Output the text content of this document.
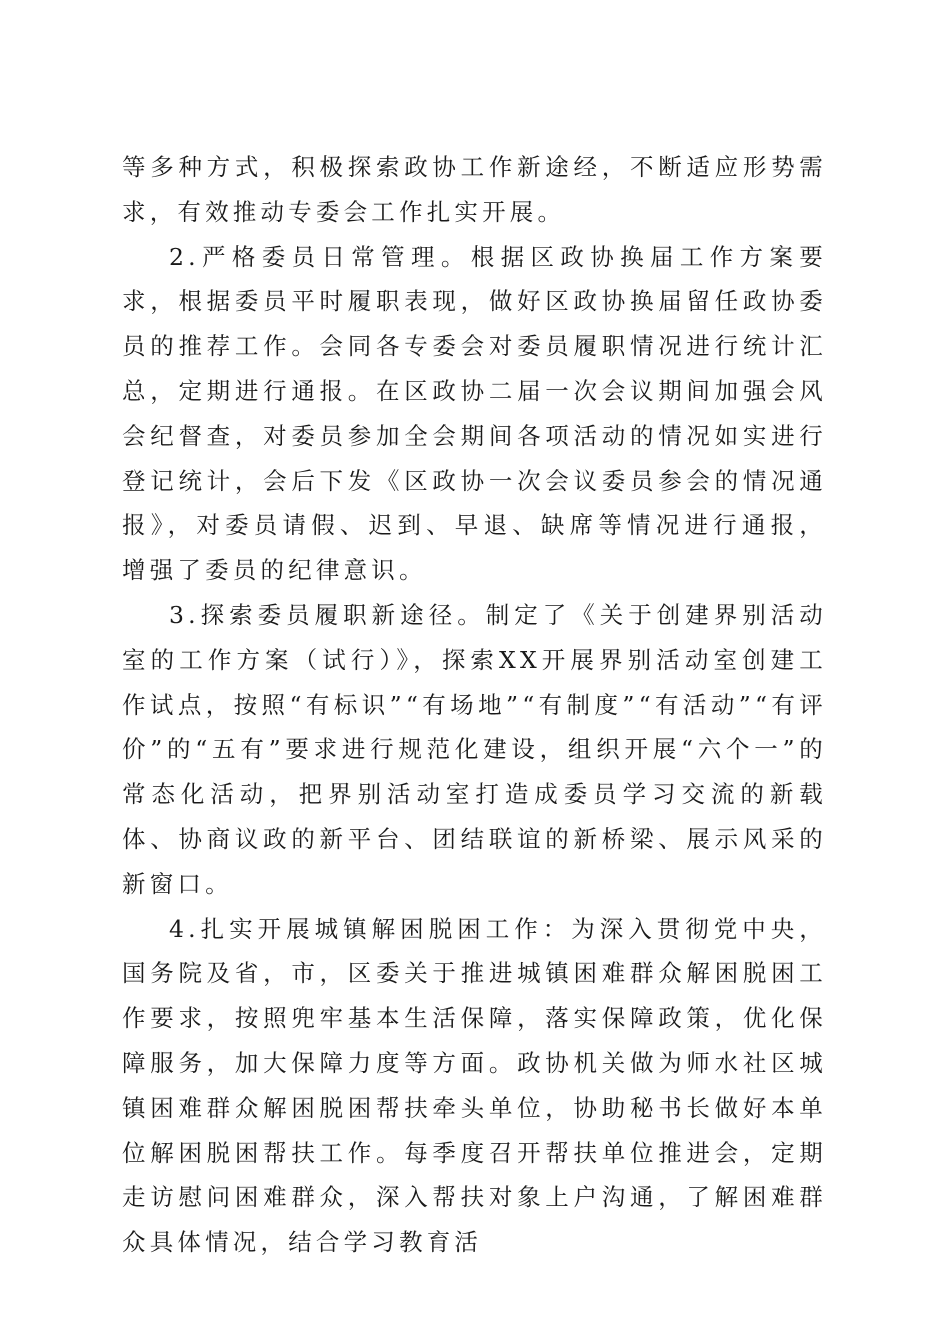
等多种方式，积极探索政协工作新途经，不断适应形势需求，有效推动专委会工作扎实开展。

2.严格委员日常管理。根据区政协换届工作方案要求，根据委员平时履职表现，做好区政协换届留任政协委员的推荐工作。会同各专委会对委员履职情况进行统计汇总，定期进行通报。在区政协二届一次会议期间加强会风会纪督查，对委员参加全会期间各项活动的情况如实进行登记统计，会后下发《区政协一次会议委员参会的情况通报》，对委员请假、迟到、早退、缺席等情况进行通报，增强了委员的纪律意识。

3.探索委员履职新途径。制定了《关于创建界别活动室的工作方案（试行）》，探索XX开展界别活动室创建工作试点，按照“有标识”“有场地”“有制度”“有活动”“有评价”的“五有”要求进行规范化建设，组织开展“六个一”的常态化活动，把界别活动室打造成委员学习交流的新载体、协商议政的新平台、团结联谊的新桥梁、展示风采的新窗口。

4.扎实开展城镇解困脱困工作：为深入贯彻党中央，国务院及省，市，区委关于推进城镇困难群众解困脱困工作要求，按照兜牢基本生活保障，落实保障政策，优化保障服务，加大保障力度等方面。政协机关做为师水社区城镇困难群众解困脱困帮扶牵头单位，协助秘书长做好本单位解困脱困帮扶工作。每季度召开帮扶单位推进会，定期走访慰问困难群众，深入帮扶对象上户沟通，了解困难群众具体情况，结合学习教育活
